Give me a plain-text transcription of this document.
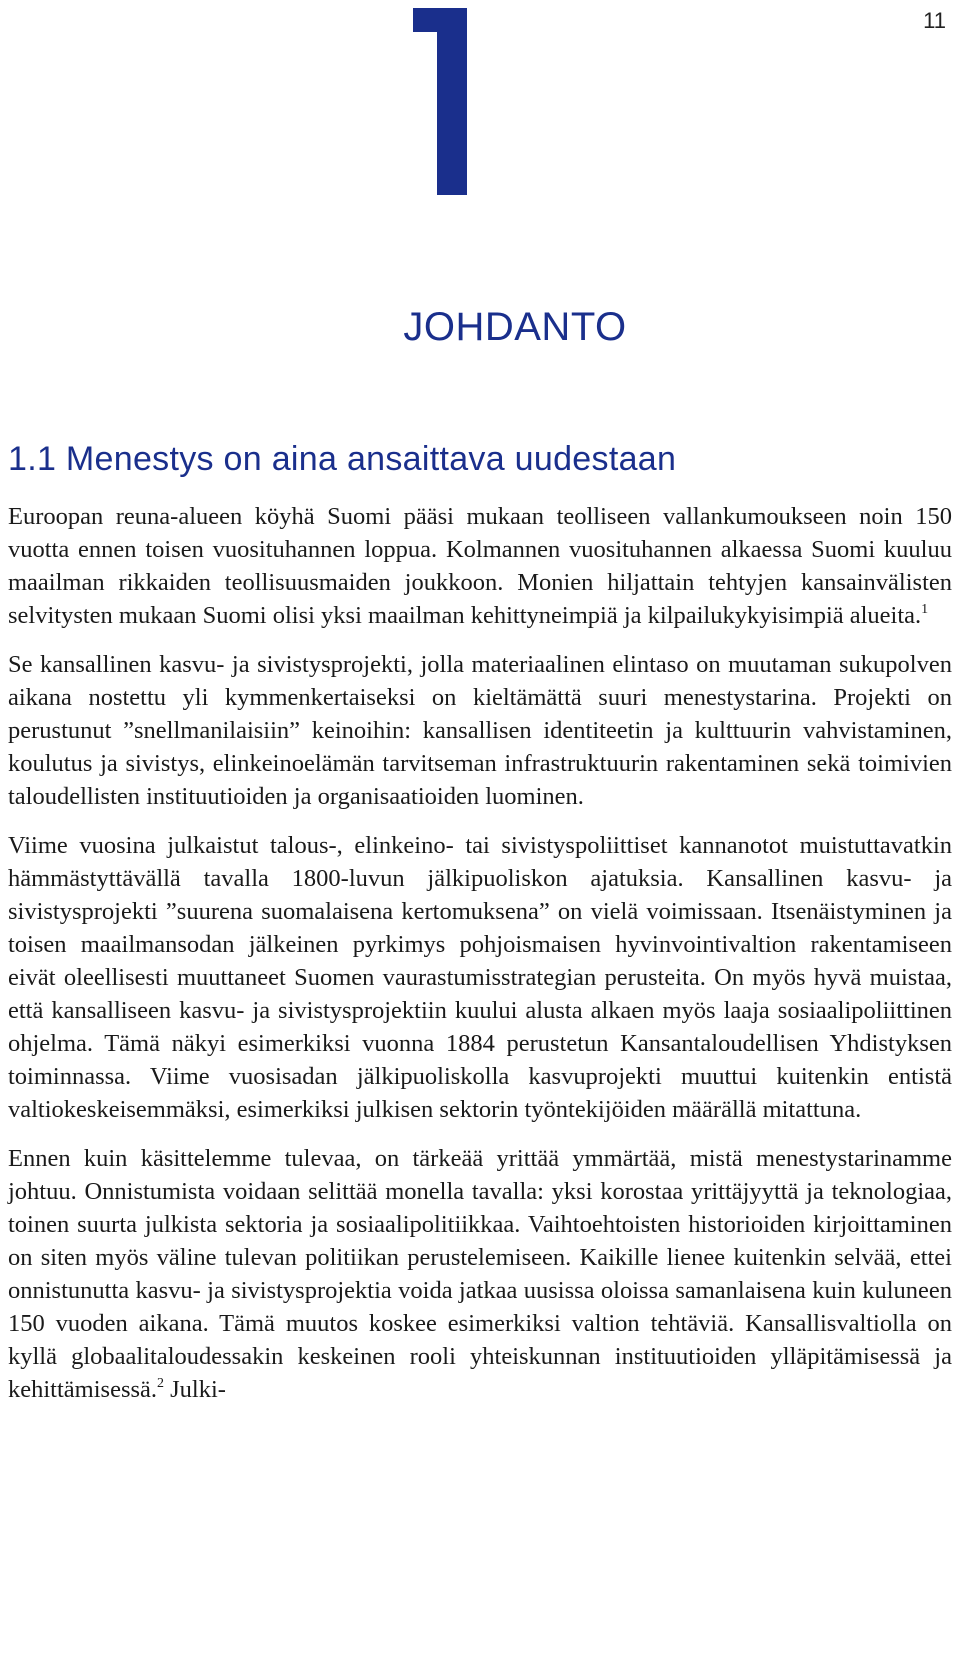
11
JOHDANTO
1.1 Menestys on aina ansaittava uudestaan

Euroopan reuna-alueen köyhä Suomi pääsi mukaan teolliseen vallankumoukseen noin 150 vuotta ennen toisen vuosituhannen loppua. Kolmannen vuosituhannen alkaessa Suomi kuuluu maailman rikkaiden teollisuusmaiden joukkoon. Monien hiljattain tehtyjen kansainvälisten selvitysten mukaan Suomi olisi yksi maailman kehittyneimpiä ja kilpailukykyisimpiä alueita.$^1$

Se kansallinen kasvu- ja sivistysprojekti, jolla materiaalinen elintaso on muutaman sukupolven aikana nostettu yli kymmenkertaiseksi on kieltämättä suuri menestystarina. Projekti on perustunut ”snellmanilaisiin” keinoihin: kansallisen identiteetin ja kulttuurin vahvistaminen, koulutus ja sivistys, elinkeinoelämän tarvitseman infrastruktuurin rakentaminen sekä toimivien taloudellisten instituutioiden ja organisaatioiden luominen.

Viime vuosina julkaistut talous-, elinkeino- tai sivistyspoliittiset kannanotot muistuttavatkin hämmästyttävällä tavalla 1800-luvun jälkipuoliskon ajatuksia. Kansallinen kasvu- ja sivistysprojekti ”suurena suomalaisena kertomuksena” on vielä voimissaan. Itsenäistyminen ja toisen maailmansodan jälkeinen pyrkimys pohjoismaisen hyvinvointivaltion rakentamiseen eivät oleellisesti muuttaneet Suomen vaurastumisstrategian perusteita. On myös hyvä muistaa, että kansalliseen kasvu- ja sivistysprojektiin kuului alusta alkaen myös laaja sosiaalipoliittinen ohjelma. Tämä näkyi esimerkiksi vuonna 1884 perustetun Kansantaloudellisen Yhdistyksen toiminnassa. Viime vuosisadan jälkipuoliskolla kasvuprojekti muuttui kuitenkin entistä valtiokeskeisemmäksi, esimerkiksi julkisen sektorin työntekijöiden määrällä mitattuna.

Ennen kuin käsittelemme tulevaa, on tärkeää yrittää ymmärtää, mistä menestystarinamme johtuu. Onnistumista voidaan selittää monella tavalla: yksi korostaa yrittäjyyttä ja teknologiaa, toinen suurta julkista sektoria ja sosiaalipolitiikkaa. Vaihtoehtoisten historioiden kirjoittaminen on siten myös väline tulevan politiikan perustelemiseen. Kaikille lienee kuitenkin selvää, ettei onnistunutta kasvu- ja sivistysprojektia voida jatkaa uusissa oloissa samanlaisena kuin kuluneen 150 vuoden aikana. Tämä muutos koskee esimerkiksi valtion tehtäviä. Kansallisvaltiolla on kyllä globaalitaloudessakin keskeinen rooli yhteiskunnan instituutioiden ylläpitämisessä ja kehittämisessä.$^2$ Julki-
